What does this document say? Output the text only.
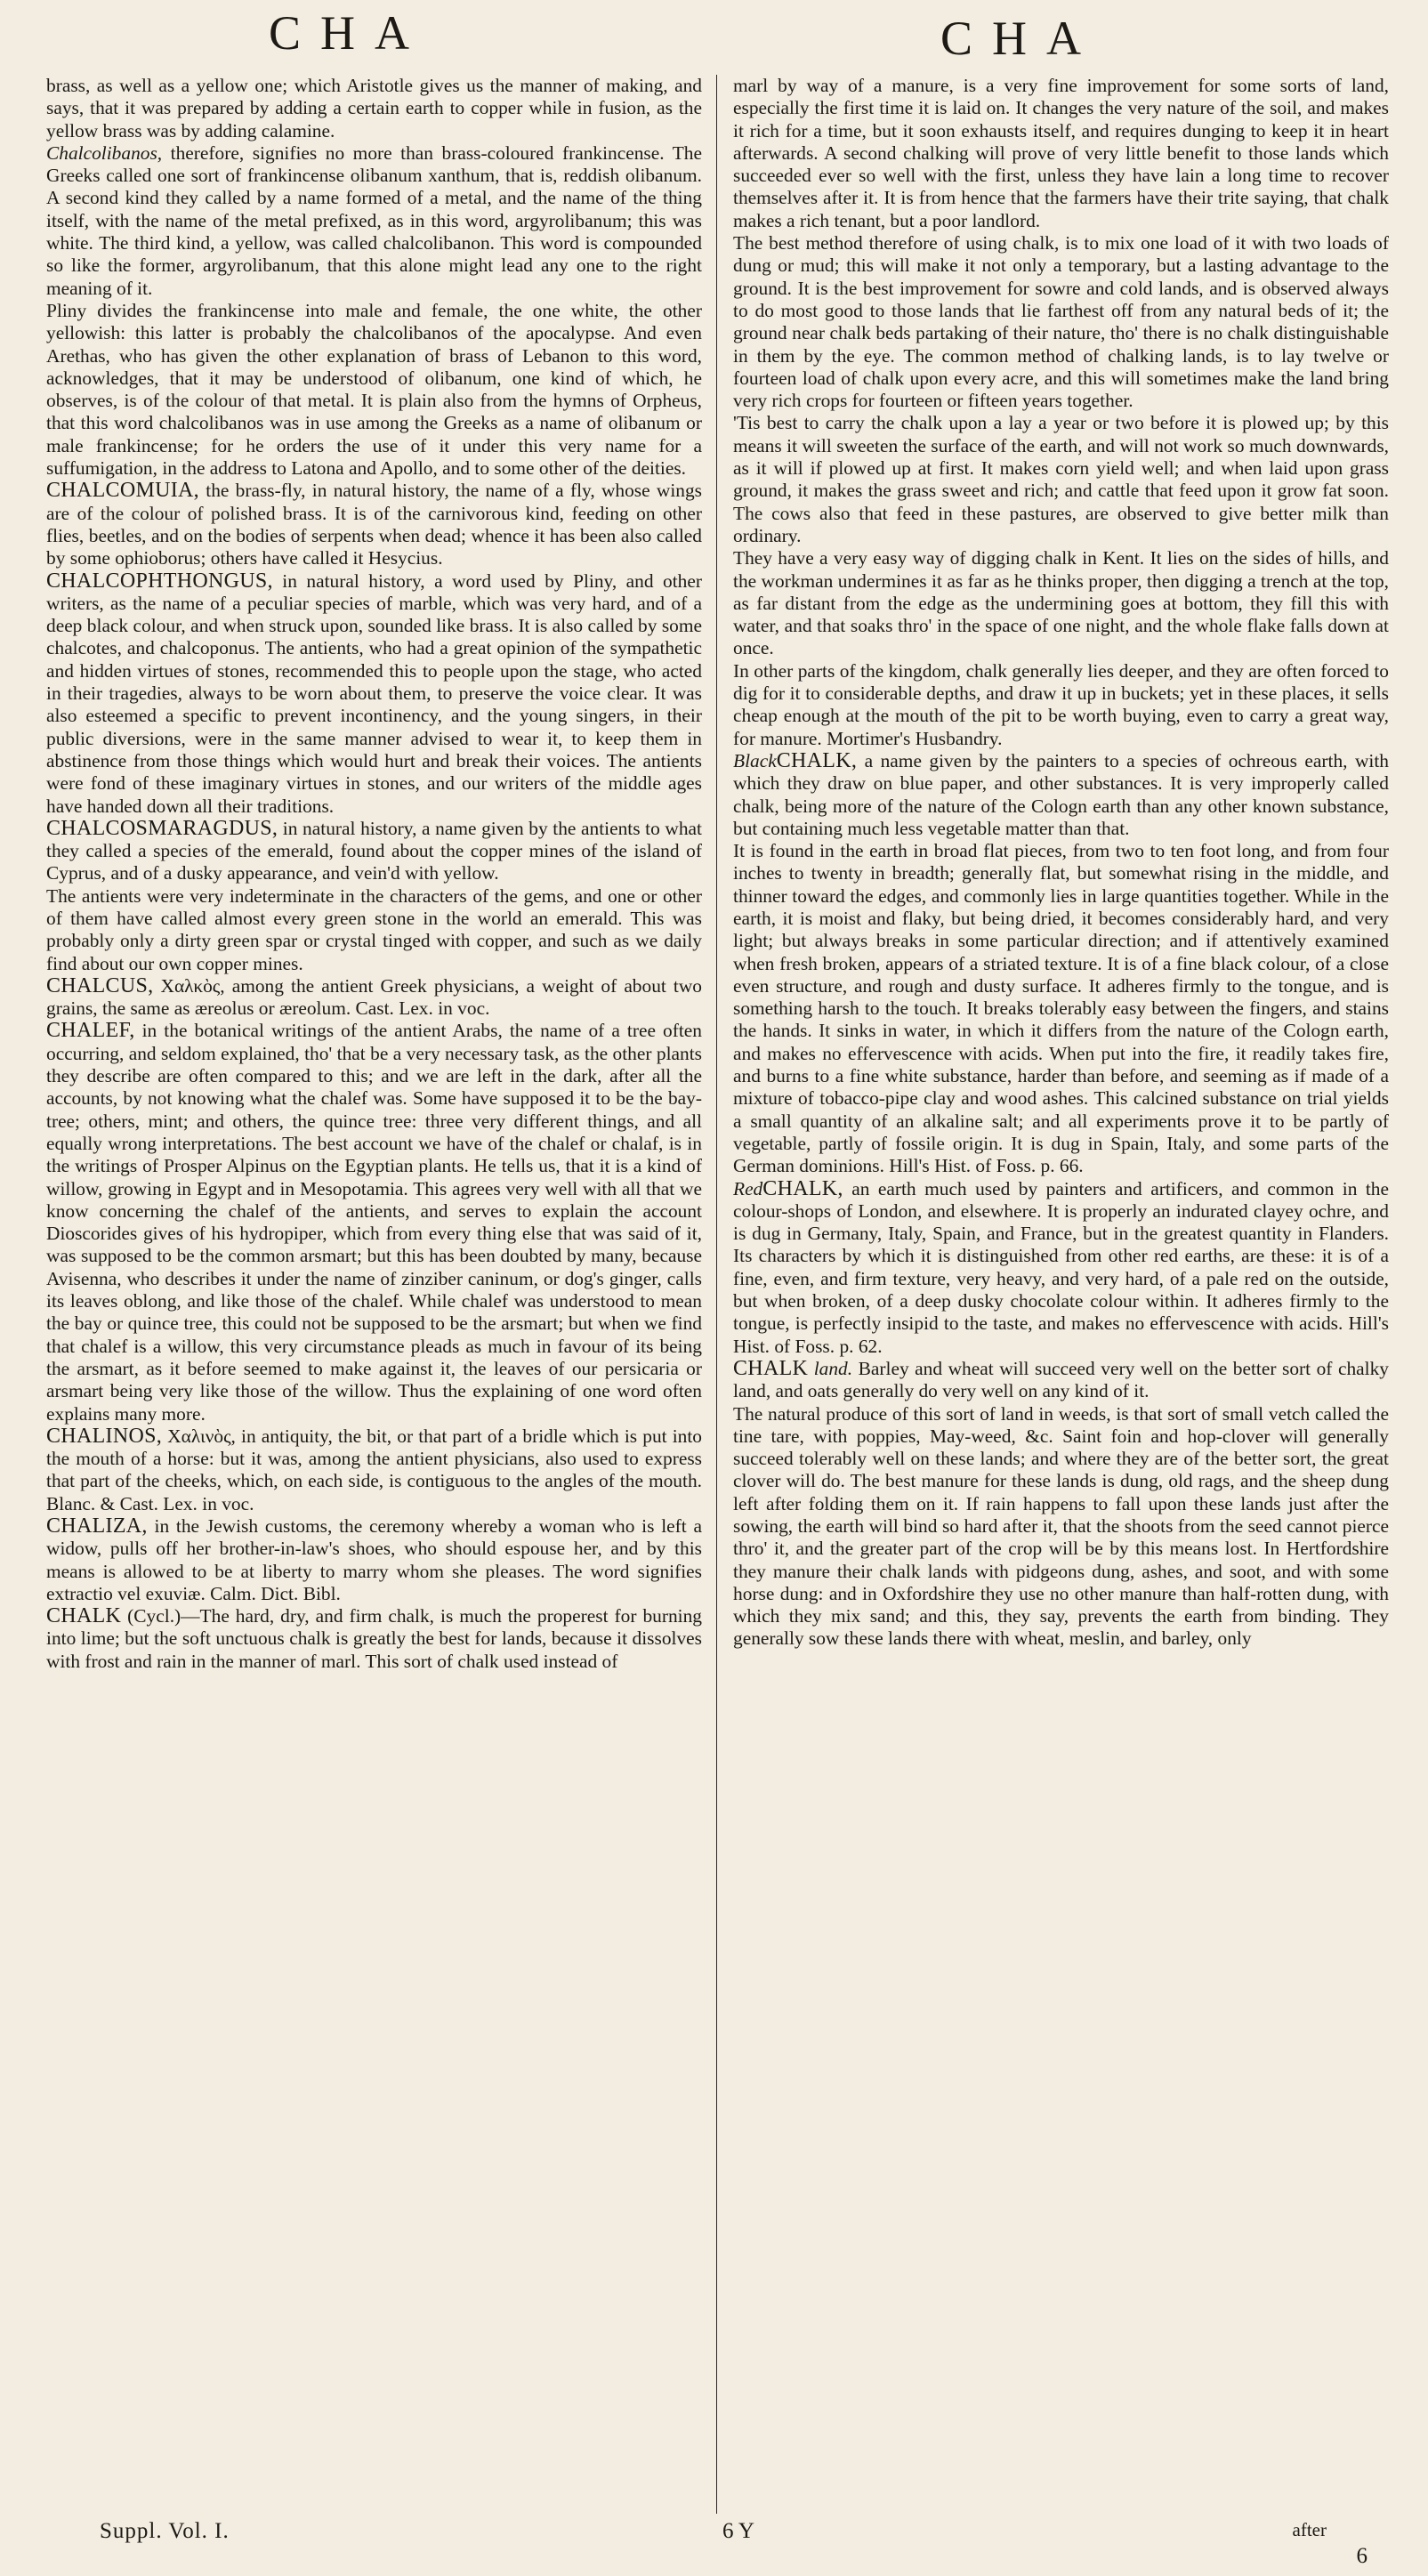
CHA	CHA

brass, as well as a yellow one; which Aristotle gives us the manner of making, and says, that it was prepared by adding a certain earth to copper while in fusion, as the yellow brass was by adding calamine.

Chalcolibanos, therefore, signifies no more than brass-coloured frankincense. The Greeks called one sort of frankincense olibanum xanthum, that is, reddish olibanum. A second kind they called by a name formed of a metal, and the name of the thing itself, with the name of the metal prefixed, as in this word, argyrolibanum; this was white. The third kind, a yellow, was called chalcolibanon. This word is compounded so like the former, argyrolibanum, that this alone might lead any one to the right meaning of it.

Pliny divides the frankincense into male and female, the one white, the other yellowish: this latter is probably the chalcolibanos of the apocalypse. And even Arethas, who has given the other explanation of brass of Lebanon to this word, acknowledges, that it may be understood of olibanum, one kind of which, he observes, is of the colour of that metal. It is plain also from the hymns of Orpheus, that this word chalcolibanos was in use among the Greeks as a name of olibanum or male frankincense; for he orders the use of it under this very name for a suffumigation, in the address to Latona and Apollo, and to some other of the deities.

CHALCOMUIA, the brass-fly, in natural history, the name of a fly, whose wings are of the colour of polished brass. It is of the carnivorous kind, feeding on other flies, beetles, and on the bodies of serpents when dead; whence it has been also called by some ophioborus; others have called it Hesycius.

CHALCOPHTHONGUS, in natural history, a word used by Pliny, and other writers, as the name of a peculiar species of marble, which was very hard, and of a deep black colour, and when struck upon, sounded like brass. It is also called by some chalcotes, and chalcoponus. The antients, who had a great opinion of the sympathetic and hidden virtues of stones, recommended this to people upon the stage, who acted in their tragedies, always to be worn about them, to preserve the voice clear. It was also esteemed a specific to prevent incontinency, and the young singers, in their public diversions, were in the same manner advised to wear it, to keep them in abstinence from those things which would hurt and break their voices. The antients were fond of these imaginary virtues in stones, and our writers of the middle ages have handed down all their traditions.

CHALCOSMARAGDUS, in natural history, a name given by the antients to what they called a species of the emerald, found about the copper mines of the island of Cyprus, and of a dusky appearance, and vein'd with yellow.

The antients were very indeterminate in the characters of the gems, and one or other of them have called almost every green stone in the world an emerald. This was probably only a dirty green spar or crystal tinged with copper, and such as we daily find about our own copper mines.

CHALCUS, Χαλκὸς, among the antient Greek physicians, a weight of about two grains, the same as æreolus or æreolum. Cast. Lex. in voc.

CHALEF, in the botanical writings of the antient Arabs, the name of a tree often occurring, and seldom explained, tho' that be a very necessary task, as the other plants they describe are often compared to this; and we are left in the dark, after all the accounts, by not knowing what the chalef was. Some have supposed it to be the bay-tree; others, mint; and others, the quince tree: three very different things, and all equally wrong interpretations. The best account we have of the chalef or chalaf, is in the writings of Prosper Alpinus on the Egyptian plants. He tells us, that it is a kind of willow, growing in Egypt and in Mesopotamia. This agrees very well with all that we know concerning the chalef of the antients, and serves to explain the account Dioscorides gives of his hydropiper, which from every thing else that was said of it, was supposed to be the common arsmart; but this has been doubted by many, because Avisenna, who describes it under the name of zinziber caninum, or dog's ginger, calls its leaves oblong, and like those of the chalef. While chalef was understood to mean the bay or quince tree, this could not be supposed to be the arsmart; but when we find that chalef is a willow, this very circumstance pleads as much in favour of its being the arsmart, as it before seemed to make against it, the leaves of our persicaria or arsmart being very like those of the willow. Thus the explaining of one word often explains many more.

CHALINOS, Χαλινὸς, in antiquity, the bit, or that part of a bridle which is put into the mouth of a horse: but it was, among the antient physicians, also used to express that part of the cheeks, which, on each side, is contiguous to the angles of the mouth. Blanc. & Cast. Lex. in voc.

CHALIZA, in the Jewish customs, the ceremony whereby a woman who is left a widow, pulls off her brother-in-law's shoes, who should espouse her, and by this means is allowed to be at liberty to marry whom she pleases. The word signifies extractio vel exuviæ. Calm. Dict. Bibl.

CHALK (Cycl.)—The hard, dry, and firm chalk, is much the properest for burning into lime; but the soft unctuous chalk is greatly the best for lands, because it dissolves with frost and rain in the manner of marl. This sort of chalk used instead of

marl by way of a manure, is a very fine improvement for some sorts of land, especially the first time it is laid on. It changes the very nature of the soil, and makes it rich for a time, but it soon exhausts itself, and requires dunging to keep it in heart afterwards. A second chalking will prove of very little benefit to those lands which succeeded ever so well with the first, unless they have lain a long time to recover themselves after it. It is from hence that the farmers have their trite saying, that chalk makes a rich tenant, but a poor landlord.

The best method therefore of using chalk, is to mix one load of it with two loads of dung or mud; this will make it not only a temporary, but a lasting advantage to the ground. It is the best improvement for sowre and cold lands, and is observed always to do most good to those lands that lie farthest off from any natural beds of it; the ground near chalk beds partaking of their nature, tho' there is no chalk distinguishable in them by the eye. The common method of chalking lands, is to lay twelve or fourteen load of chalk upon every acre, and this will sometimes make the land bring very rich crops for fourteen or fifteen years together.

'Tis best to carry the chalk upon a lay a year or two before it is plowed up; by this means it will sweeten the surface of the earth, and will not work so much downwards, as it will if plowed up at first. It makes corn yield well; and when laid upon grass ground, it makes the grass sweet and rich; and cattle that feed upon it grow fat soon. The cows also that feed in these pastures, are observed to give better milk than ordinary.

They have a very easy way of digging chalk in Kent. It lies on the sides of hills, and the workman undermines it as far as he thinks proper, then digging a trench at the top, as far distant from the edge as the undermining goes at bottom, they fill this with water, and that soaks thro' in the space of one night, and the whole flake falls down at once.

In other parts of the kingdom, chalk generally lies deeper, and they are often forced to dig for it to considerable depths, and draw it up in buckets; yet in these places, it sells cheap enough at the mouth of the pit to be worth buying, even to carry a great way, for manure. Mortimer's Husbandry.

BlackCHALK, a name given by the painters to a species of ochreous earth, with which they draw on blue paper, and other substances. It is very improperly called chalk, being more of the nature of the Cologn earth than any other known substance, but containing much less vegetable matter than that.

It is found in the earth in broad flat pieces, from two to ten foot long, and from four inches to twenty in breadth; generally flat, but somewhat rising in the middle, and thinner toward the edges, and commonly lies in large quantities together. While in the earth, it is moist and flaky, but being dried, it becomes considerably hard, and very light; but always breaks in some particular direction; and if attentively examined when fresh broken, appears of a striated texture. It is of a fine black colour, of a close even structure, and rough and dusty surface. It adheres firmly to the tongue, and is something harsh to the touch. It breaks tolerably easy between the fingers, and stains the hands. It sinks in water, in which it differs from the nature of the Cologn earth, and makes no effervescence with acids. When put into the fire, it readily takes fire, and burns to a fine white substance, harder than before, and seeming as if made of a mixture of tobacco-pipe clay and wood ashes. This calcined substance on trial yields a small quantity of an alkaline salt; and all experiments prove it to be partly of vegetable, partly of fossile origin. It is dug in Spain, Italy, and some parts of the German dominions. Hill's Hist. of Foss. p. 66.

RedCHALK, an earth much used by painters and artificers, and common in the colour-shops of London, and elsewhere. It is properly an indurated clayey ochre, and is dug in Germany, Italy, Spain, and France, but in the greatest quantity in Flanders. Its characters by which it is distinguished from other red earths, are these: it is of a fine, even, and firm texture, very heavy, and very hard, of a pale red on the outside, but when broken, of a deep dusky chocolate colour within. It adheres firmly to the tongue, is perfectly insipid to the taste, and makes no effervescence with acids. Hill's Hist. of Foss. p. 62.

CHALK land. Barley and wheat will succeed very well on the better sort of chalky land, and oats generally do very well on any kind of it.

The natural produce of this sort of land in weeds, is that sort of small vetch called the tine tare, with poppies, May-weed, &c. Saint foin and hop-clover will generally succeed tolerably well on these lands; and where they are of the better sort, the great clover will do. The best manure for these lands is dung, old rags, and the sheep dung left after folding them on it. If rain happens to fall upon these lands just after the sowing, the earth will bind so hard after it, that the shoots from the seed cannot pierce thro' it, and the greater part of the crop will be by this means lost. In Hertfordshire they manure their chalk lands with pidgeons dung, ashes, and soot, and with some horse dung: and in Oxfordshire they use no other manure than half-rotten dung, with which they mix sand; and this, they say, prevents the earth from binding. They generally sow these lands there with wheat, meslin, and barley, only

Suppl. Vol. I.	6 Y	after
6
